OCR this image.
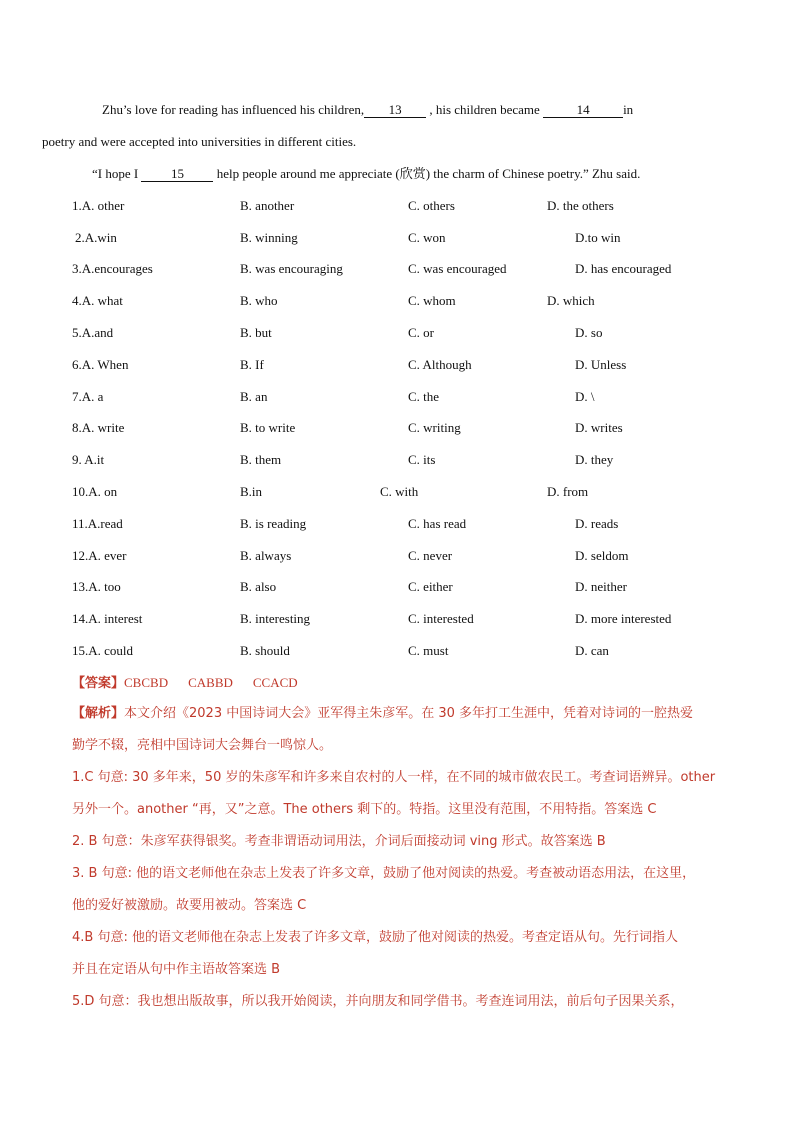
Zhu’s love for reading has influenced his children, 13 , his children became	14	in
poetry and were accepted into universities in different cities.
“I hope I	15	help people around me appreciate (欣赏) the charm of Chinese poetry.” Zhu said.
1.A. other	B. another	C. others	D. the others
2.A.win	B. winning	C. won	D.to win
3.A.encourages	B. was encouraging	C. was encouraged	D. has encouraged
4.A. what	B. who	C. whom	D. which
5.A.and	B. but	C. or	D. so
6.A. When	B. If	C. Although	D. Unless
7.A. a	B. an	C. the	D. \
8.A. write	B. to write	C. writing	D. writes
9. A.it	B. them	C. its	D. they
10.A. on	B.in	C. with	D. from
11.A.read	B. is reading	C. has read	D. reads
12.A. ever	B. always	C. never	D. seldom
13.A. too	B. also	C. either	D. neither
14.A. interest	B. interesting	C. interested	D. more interested
15.A. could	B. should	C. must	D. can
【答案】CBCBD CABBD CCACD
【解析】本文介绍《2023 中国诗词大会》亚军得主朱彦军。在 30 多年打工生涯中，凭着对诗词的一腔热爱
勤学不辍，亮相中国诗词大会舞台一鸣惊人。
1.C 句意: 30 多年来，50 岁的朱彦军和许多来自农村的人一样，在不同的城市做农民工。考查词语辨异。other
另外一个。another “再，又”之意。The others 剩下的。特指。这里没有范围，不用特指。答案选 C
2. B 句意：朱彦军获得银奖。考查非谓语动词用法，介词后面接动词 ving 形式。故答案选 B
3. B 句意: 他的语文老师他在杂志上发表了许多文章，鼓励了他对阅读的热爱。考查被动语态用法，在这里，
他的爱好被激励。故要用被动。答案选 C
4.B 句意: 他的语文老师他在杂志上发表了许多文章，鼓励了他对阅读的热爱。考查定语从句。先行词指人
并且在定语从句中作主语故答案选 B
5.D 句意：我也想出版故事，所以我开始阅读，并向朋友和同学借书。考查连词用法，前后句子因果关系，
